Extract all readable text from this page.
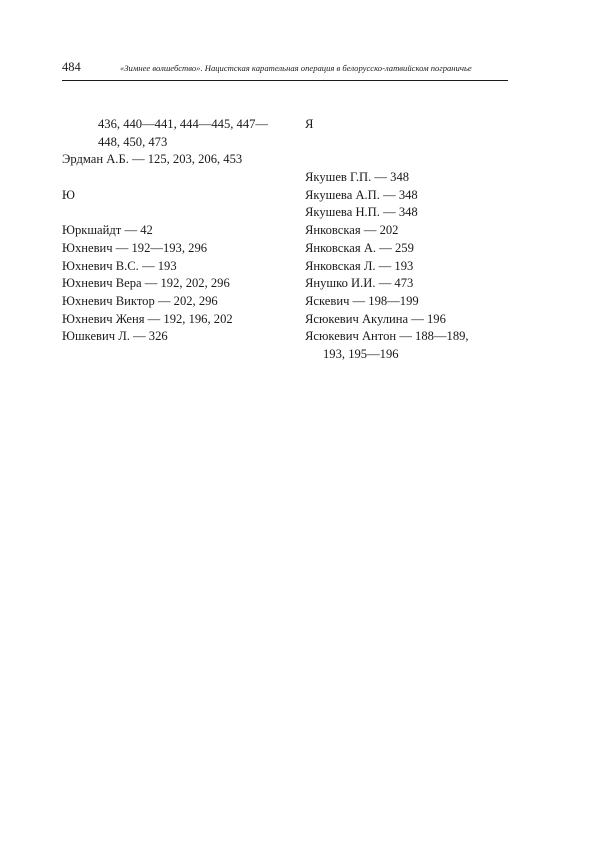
484	«Зимнее волшебство». Нацистская карательная операция в белорусско-латвийском пограничье
436, 440—441, 444—445, 447—
448, 450, 473
Эрдман А.Б. — 125, 203, 206, 453
Ю
Юркшайдт — 42
Юхневич — 192—193, 296
Юхневич В.С. — 193
Юхневич Вера — 192, 202, 296
Юхневич Виктор — 202, 296
Юхневич Женя — 192, 196, 202
Юшкевич Л. — 326
Я
Якушев Г.П. — 348
Якушева А.П. — 348
Якушева Н.П. — 348
Янковская — 202
Янковская А. — 259
Янковская Л. — 193
Янушко И.И. — 473
Яскевич — 198—199
Ясюкевич Акулина — 196
Ясюкевич Антон — 188—189,
193, 195—196
